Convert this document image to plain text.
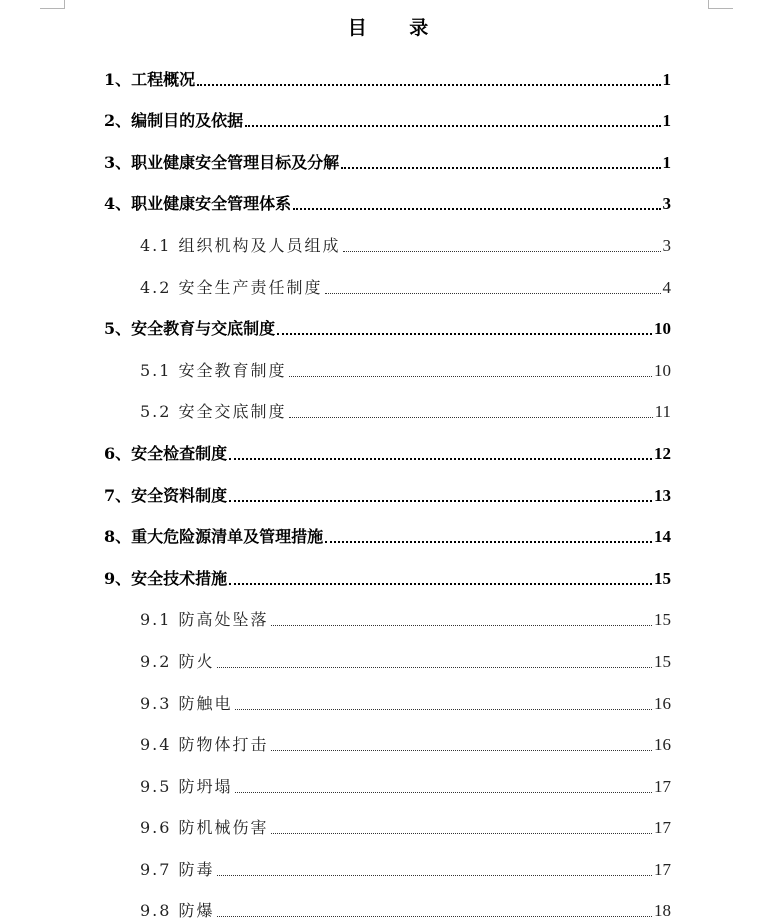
目 录
1、工程概况	1
2、编制目的及依据	1
3、职业健康安全管理目标及分解	1
4、职业健康安全管理体系	3
4.1 组织机构及人员组成	3
4.2 安全生产责任制度	4
5、安全教育与交底制度	10
5.1 安全教育制度	10
5.2 安全交底制度	11
6、安全检查制度	12
7、安全资料制度	13
8、重大危险源清单及管理措施	14
9、安全技术措施	15
9.1 防高处坠落	15
9.2 防火	15
9.3 防触电	16
9.4 防物体打击	16
9.5 防坍塌	17
9.6 防机械伤害	17
9.7 防毒	17
9.8 防爆	18
